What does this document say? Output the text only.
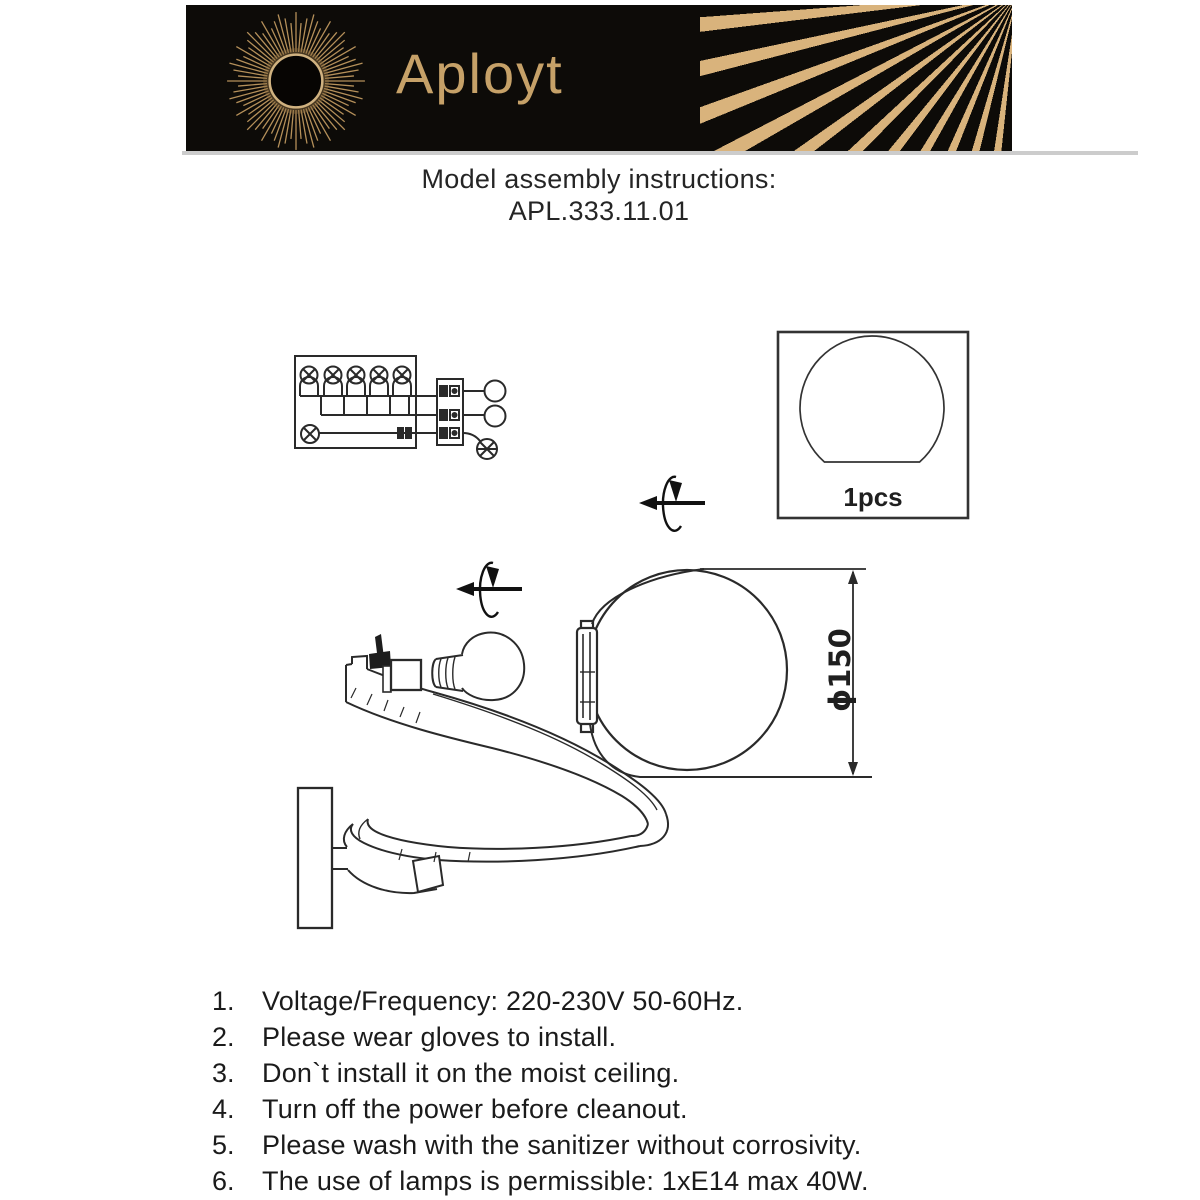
Aployt
Model assembly instructions:
APL.333.11.01
1pcs
ϕ150
1.	Voltage/Frequency: 220-230V 50-60Hz.
2.	Please wear gloves to install.
3.	Don`t install it on the moist ceiling.
4.	Turn off the power before cleanout.
5.	Please wash with the sanitizer without corrosivity.
6.	The use of lamps is permissible: 1xE14 max 40W.
